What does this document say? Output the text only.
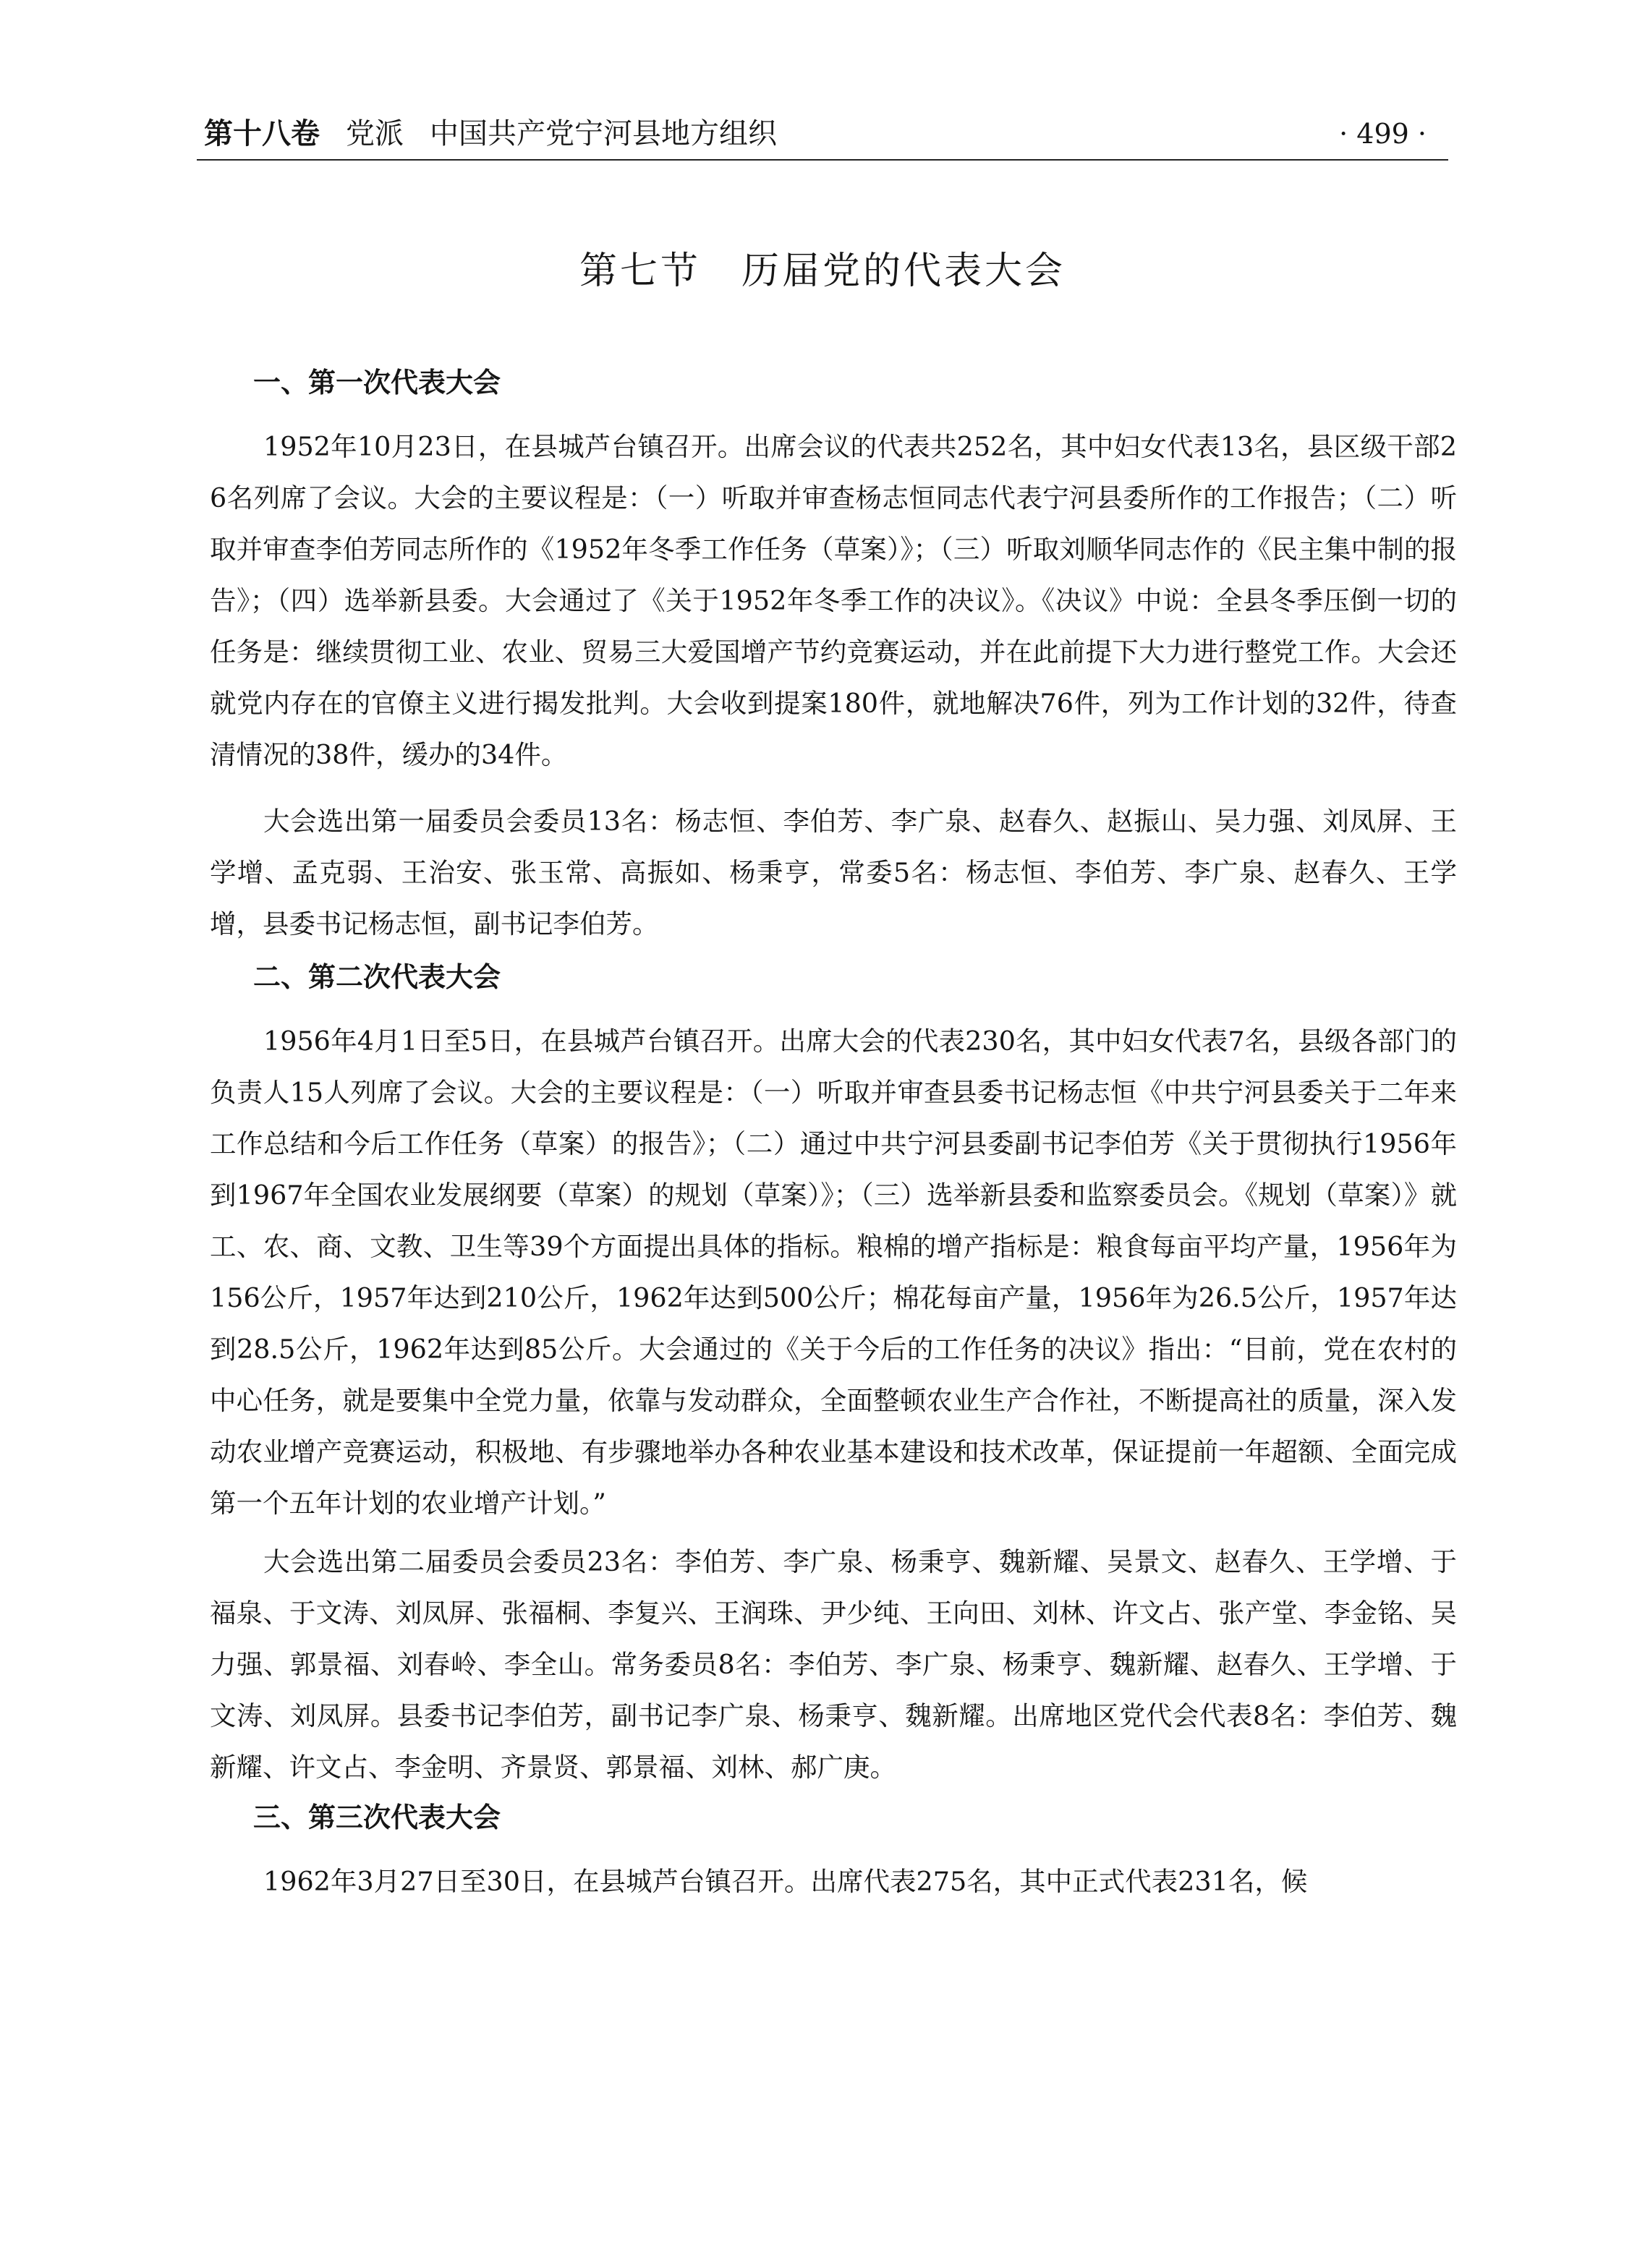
第十八卷 党派 中国共产党宁河县地方组织	· 499 ·
第七节 历届党的代表大会
一、第一次代表大会

1952年10月23日，在县城芦台镇召开。出席会议的代表共252名，其中妇女代表13名，县区级干部26名列席了会议。大会的主要议程是：（一）听取并审查杨志恒同志代表宁河县委所作的工作报告；（二）听取并审查李伯芳同志所作的《1952年冬季工作任务（草案）》；（三）听取刘顺华同志作的《民主集中制的报告》；（四）选举新县委。大会通过了《关于1952年冬季工作的决议》。《决议》中说：全县冬季压倒一切的任务是：继续贯彻工业、农业、贸易三大爱国增产节约竞赛运动，并在此前提下大力进行整党工作。大会还就党内存在的官僚主义进行揭发批判。大会收到提案180件，就地解决76件，列为工作计划的32件，待查清情况的38件，缓办的34件。

大会选出第一届委员会委员13名：杨志恒、李伯芳、李广泉、赵春久、赵振山、吴力强、刘凤屏、王学增、孟克弱、王治安、张玉常、高振如、杨秉亨，常委5名：杨志恒、李伯芳、李广泉、赵春久、王学增，县委书记杨志恒，副书记李伯芳。

二、第二次代表大会

1956年4月1日至5日，在县城芦台镇召开。出席大会的代表230名，其中妇女代表7名，县级各部门的负责人15人列席了会议。大会的主要议程是：（一）听取并审查县委书记杨志恒《中共宁河县委关于二年来工作总结和今后工作任务（草案）的报告》；（二）通过中共宁河县委副书记李伯芳《关于贯彻执行1956年到1967年全国农业发展纲要（草案）的规划（草案）》；（三）选举新县委和监察委员会。《规划（草案）》就工、农、商、文教、卫生等39个方面提出具体的指标。粮棉的增产指标是：粮食每亩平均产量，1956年为156公斤，1957年达到210公斤，1962年达到500公斤；棉花每亩产量，1956年为26.5公斤，1957年达到28.5公斤，1962年达到85公斤。大会通过的《关于今后的工作任务的决议》指出：“目前，党在农村的中心任务，就是要集中全党力量，依靠与发动群众，全面整顿农业生产合作社，不断提高社的质量，深入发动农业增产竞赛运动，积极地、有步骤地举办各种农业基本建设和技术改革，保证提前一年超额、全面完成第一个五年计划的农业增产计划。”

大会选出第二届委员会委员23名：李伯芳、李广泉、杨秉亨、魏新耀、吴景文、赵春久、王学增、于福泉、于文涛、刘凤屏、张福桐、李复兴、王润珠、尹少纯、王向田、刘林、许文占、张产堂、李金铭、吴力强、郭景福、刘春岭、李全山。常务委员8名：李伯芳、李广泉、杨秉亨、魏新耀、赵春久、王学增、于文涛、刘凤屏。县委书记李伯芳，副书记李广泉、杨秉亨、魏新耀。出席地区党代会代表8名：李伯芳、魏新耀、许文占、李金明、齐景贤、郭景福、刘林、郝广庚。

三、第三次代表大会

1962年3月27日至30日，在县城芦台镇召开。出席代表275名，其中正式代表231名，候
